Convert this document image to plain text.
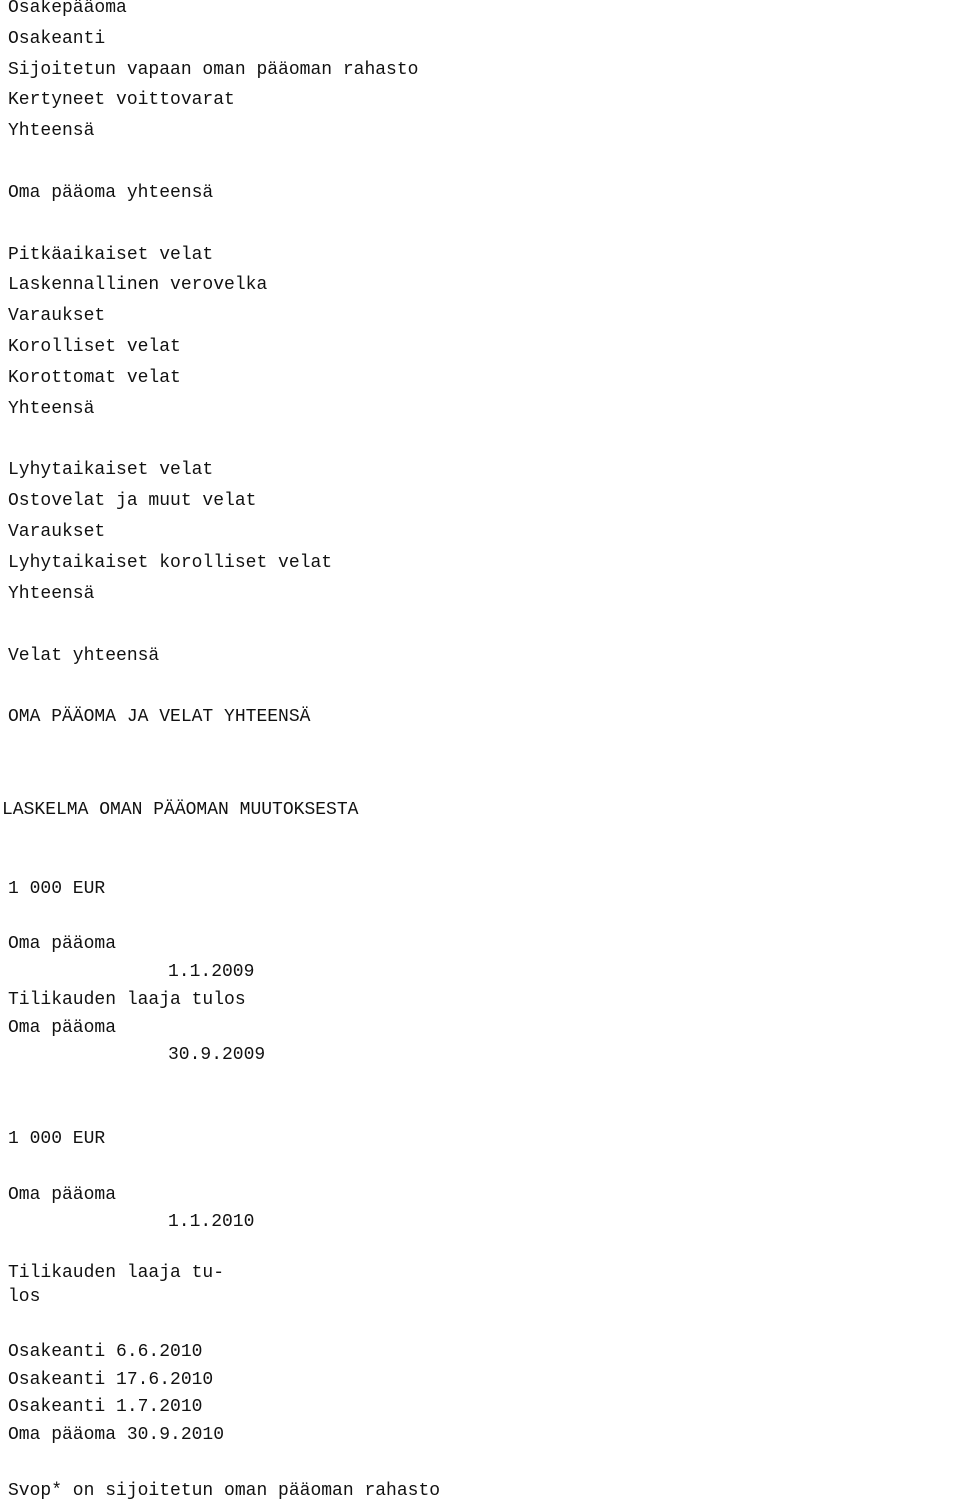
Osakepääoma
Osakeanti
Sijoitetun vapaan oman pääoman rahasto
Kertyneet voittovarat
Yhteensä
Oma pääoma yhteensä
Pitkäaikaiset velat
Laskennallinen verovelka
Varaukset
Korolliset velat
Korottomat velat
Yhteensä
Lyhytaikaiset velat
Ostovelat ja muut velat
Varaukset
Lyhytaikaiset korolliset velat
Yhteensä
Velat yhteensä
OMA PÄÄOMA JA VELAT YHTEENSÄ
LASKELMA OMAN PÄÄOMAN MUUTOKSESTA
1 000 EUR
Oma pääoma
1.1.2009
Tilikauden laaja tulos
Oma pääoma
30.9.2009
1 000 EUR
Oma pääoma
1.1.2010
Tilikauden laaja tu-
los
Osakeanti 6.6.2010
Osakeanti 17.6.2010
Osakeanti 1.7.2010
Oma pääoma 30.9.2010
Svop* on sijoitetun oman pääoman rahasto
